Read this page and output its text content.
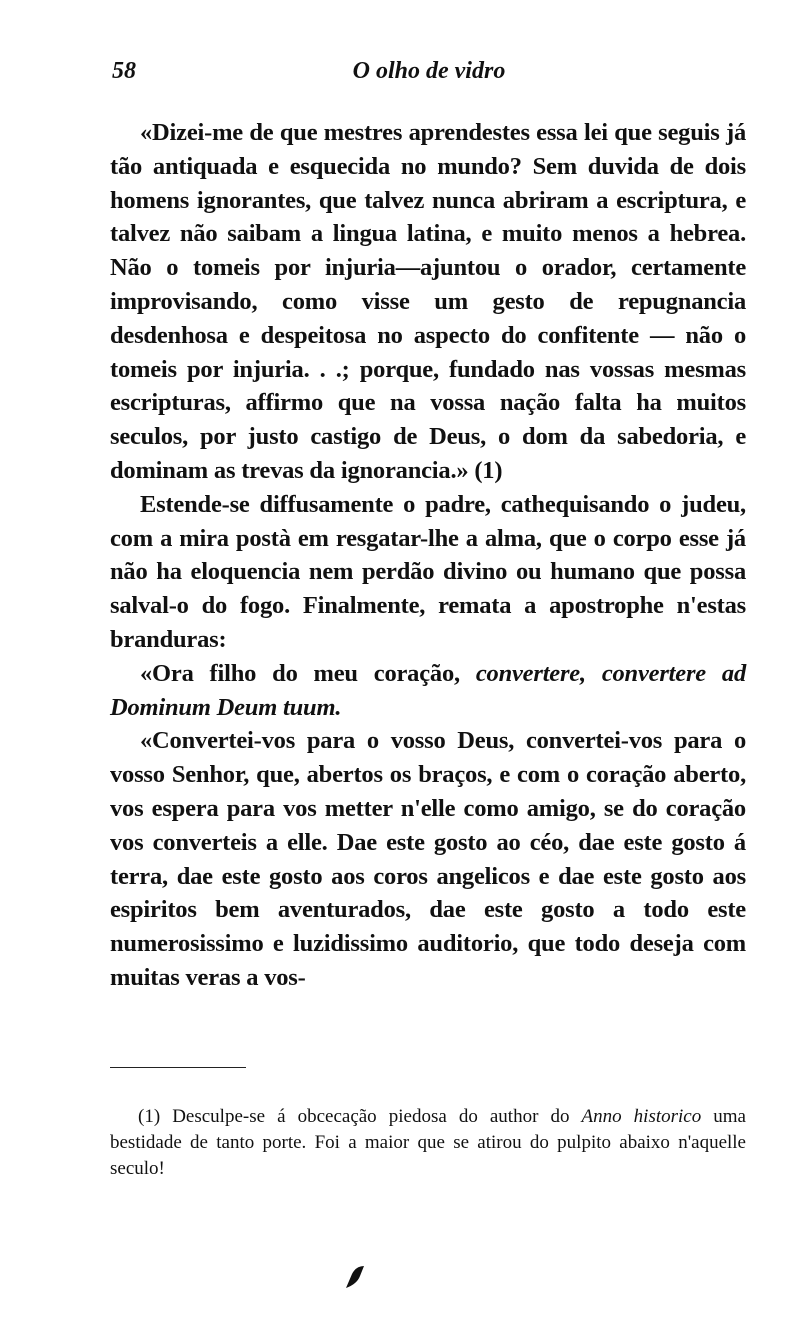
58	O olho de vidro

«Dizei-me de que mestres aprendestes essa lei que seguis já tão antiquada e esquecida no mundo? Sem duvida de dois homens ignorantes, que talvez nunca abriram a escriptura, e talvez não saibam a lingua latina, e muito menos a hebrea. Não o tomeis por injuria—ajuntou o orador, certamente improvisando, como visse um gesto de repugnancia desdenhosa e despeitosa no aspecto do confitente — não o tomeis por injuria. . .; porque, fundado nas vossas mesmas escripturas, affirmo que na vossa nação falta ha muitos seculos, por justo castigo de Deus, o dom da sabedoria, e dominam as trevas da ignorancia.» (1)

Estende-se diffusamente o padre, cathequisando o judeu, com a mira postà em resgatar-lhe a alma, que o corpo esse já não ha eloquencia nem perdão divino ou humano que possa salval-o do fogo. Finalmente, remata a apostrophe n'estas branduras:

«Ora filho do meu coração, convertere, convertere ad Dominum Deum tuum.

«Convertei-vos para o vosso Deus, convertei-vos para o vosso Senhor, que, abertos os braços, e com o coração aberto, vos espera para vos metter n'elle como amigo, se do coração vos converteis a elle. Dae este gosto ao céo, dae este gosto á terra, dae este gosto aos coros angelicos e dae este gosto aos espiritos bem aventurados, dae este gosto a todo este numerosissimo e luzidissimo auditorio, que todo deseja com muitas veras a vos-

(1) Desculpe-se á obcecação piedosa do author do Anno historico uma bestidade de tanto porte. Foi a maior que se atirou do pulpito abaixo n'aquelle seculo!
